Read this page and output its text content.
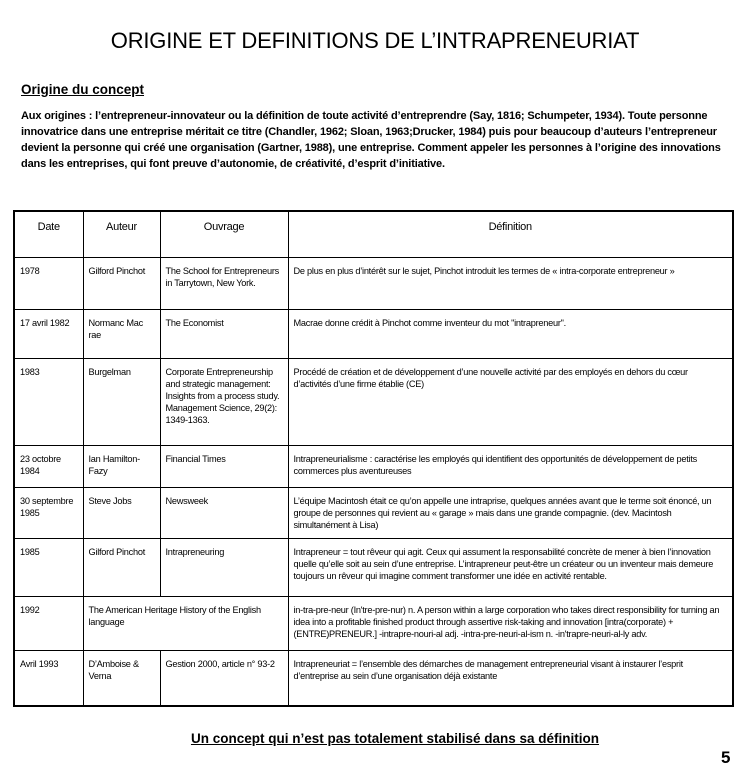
ORIGINE ET DEFINITIONS DE L’INTRAPRENEURIAT
Origine du concept
Aux origines : l’entrepreneur-innovateur ou la définition de toute activité d’entreprendre (Say, 1816; Schumpeter, 1934). Toute personne innovatrice dans une entreprise méritait ce titre (Chandler, 1962; Sloan, 1963;Drucker, 1984) puis pour beaucoup d’auteurs l’entrepreneur devient la personne qui créé une organisation (Gartner, 1988), une entreprise. Comment appeler les personnes à l’origine des innovations dans les entreprises, qui font preuve d’autonomie, de créativité, d’esprit d’initiative.
Date	Auteur	Ouvrage	Définition

1978	Gilford Pinchot	The School for Entrepreneurs in Tarrytown, New York.	De plus en plus d’intérêt sur le sujet, Pinchot introduit les termes de « intra-corporate entrepreneur »

17 avril 1982	Normanc Mac rae	The Economist	Macrae donne crédit à Pinchot comme inventeur du mot "intrapreneur".

1983	Burgelman	Corporate Entrepreneurship and strategic management: Insights from a process study. Management Science, 29(2): 1349-1363.	Procédé de création et de développement d’une nouvelle activité par des employés en dehors du cœur d’activités d’une firme établie (CE)

23 octobre 1984	Ian Hamilton-Fazy	Financial Times	Intrapreneurialisme : caractérise les employés qui identifient des opportunités de développement de petits commerces plus aventureuses

30 septembre 1985	Steve Jobs	Newsweek	L’équipe Macintosh était ce qu’on appelle une intraprise, quelques années avant que le terme soit énoncé, un groupe de personnes qui revient au « garage » mais dans une grande compagnie. (dev. Macintosh simultanément à Lisa)

1985	Gilford Pinchot	Intrapreneuring	Intrapreneur = tout rêveur qui agit. Ceux qui assument la responsabilité concrète de mener à bien l’innovation quelle qu’elle soit au sein d’une entreprise. L’intrapreneur peut-être un créateur ou un inventeur mais demeure toujours un rêveur qui imagine comment transformer une idée en activité rentable.

1992	The American Heritage History of the English language		in-tra-pre-neur (In'tre-pre-nur) n. A person within a large corporation who takes direct responsibility for turning an idea into a profitable finished product through assertive risk-taking and innovation [intra(corporate) + (ENTRE)PRENEUR.] -intrapre-nouri-al adj. -intra-pre-neuri-al-ism n. -in'trapre-neuri-al-ly adv.

Avril 1993	D’Amboise & Verna	Gestion 2000, article n° 93-2	Intrapreneuriat = l’ensemble des démarches de management entrepreneurial visant à instaurer l’esprit d’entreprise au sein d’une organisation déjà existante
Un concept qui n’est pas totalement stabilisé dans sa définition
5
